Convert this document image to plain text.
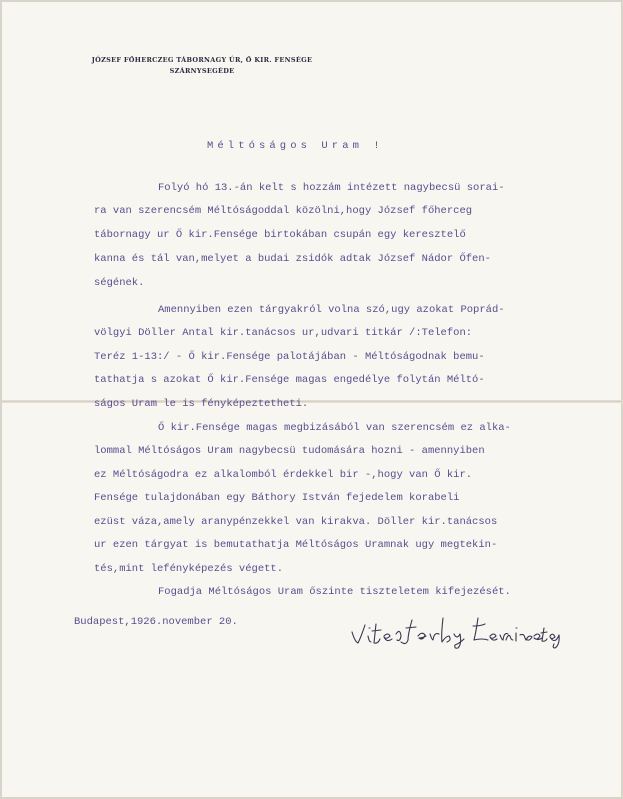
JÓZSEF FŐHERCZEG TÁBORNAGY ÚR, Ő KIR. FENSÉGE
SZÁRNYSEGÉDE
Méltóságos Uram !
Folyó hó 13.-án kelt s hozzám intézett nagybecsü sorai-
ra van szerencsém Méltóságoddal közölni,hogy József főherceg
tábornagy ur Ő kir.Fensége birtokában csupán egy keresztelő
kanna és tál van,melyet a budai zsidók adtak József Nádor Őfen-
ségének.
Amennyiben ezen tárgyakról volna szó,ugy azokat Poprád-
völgyi Döller Antal kir.tanácsos ur,udvari titkár /:Telefon:
Teréz 1-13:/ - Ő kir.Fensége palotájában - Méltóságodnak bemu-
tathatja s azokat Ő kir.Fensége magas engedélye folytán Méltó-
ságos Uram le is fényképeztetheti.
Ő kir.Fensége magas megbizásából van szerencsém ez alka-
lommal Méltóságos Uram nagybecsü tudomására hozni - amennyiben
ez Méltóságodra ez alkalomból érdekkel bir -,hogy van Ő kir.
Fensége tulajdonában egy Báthory István fejedelem korabeli
ezüst váza,amely aranypénzekkel van kirakva. Döller kir.tanácsos
ur ezen tárgyat is bemutathatja Méltóságos Uramnak ugy megtekin-
tés,mint lefényképezés végett.
Fogadja Méltóságos Uram őszinte tiszteletem kifejezését.
Budapest,1926.november 20.
